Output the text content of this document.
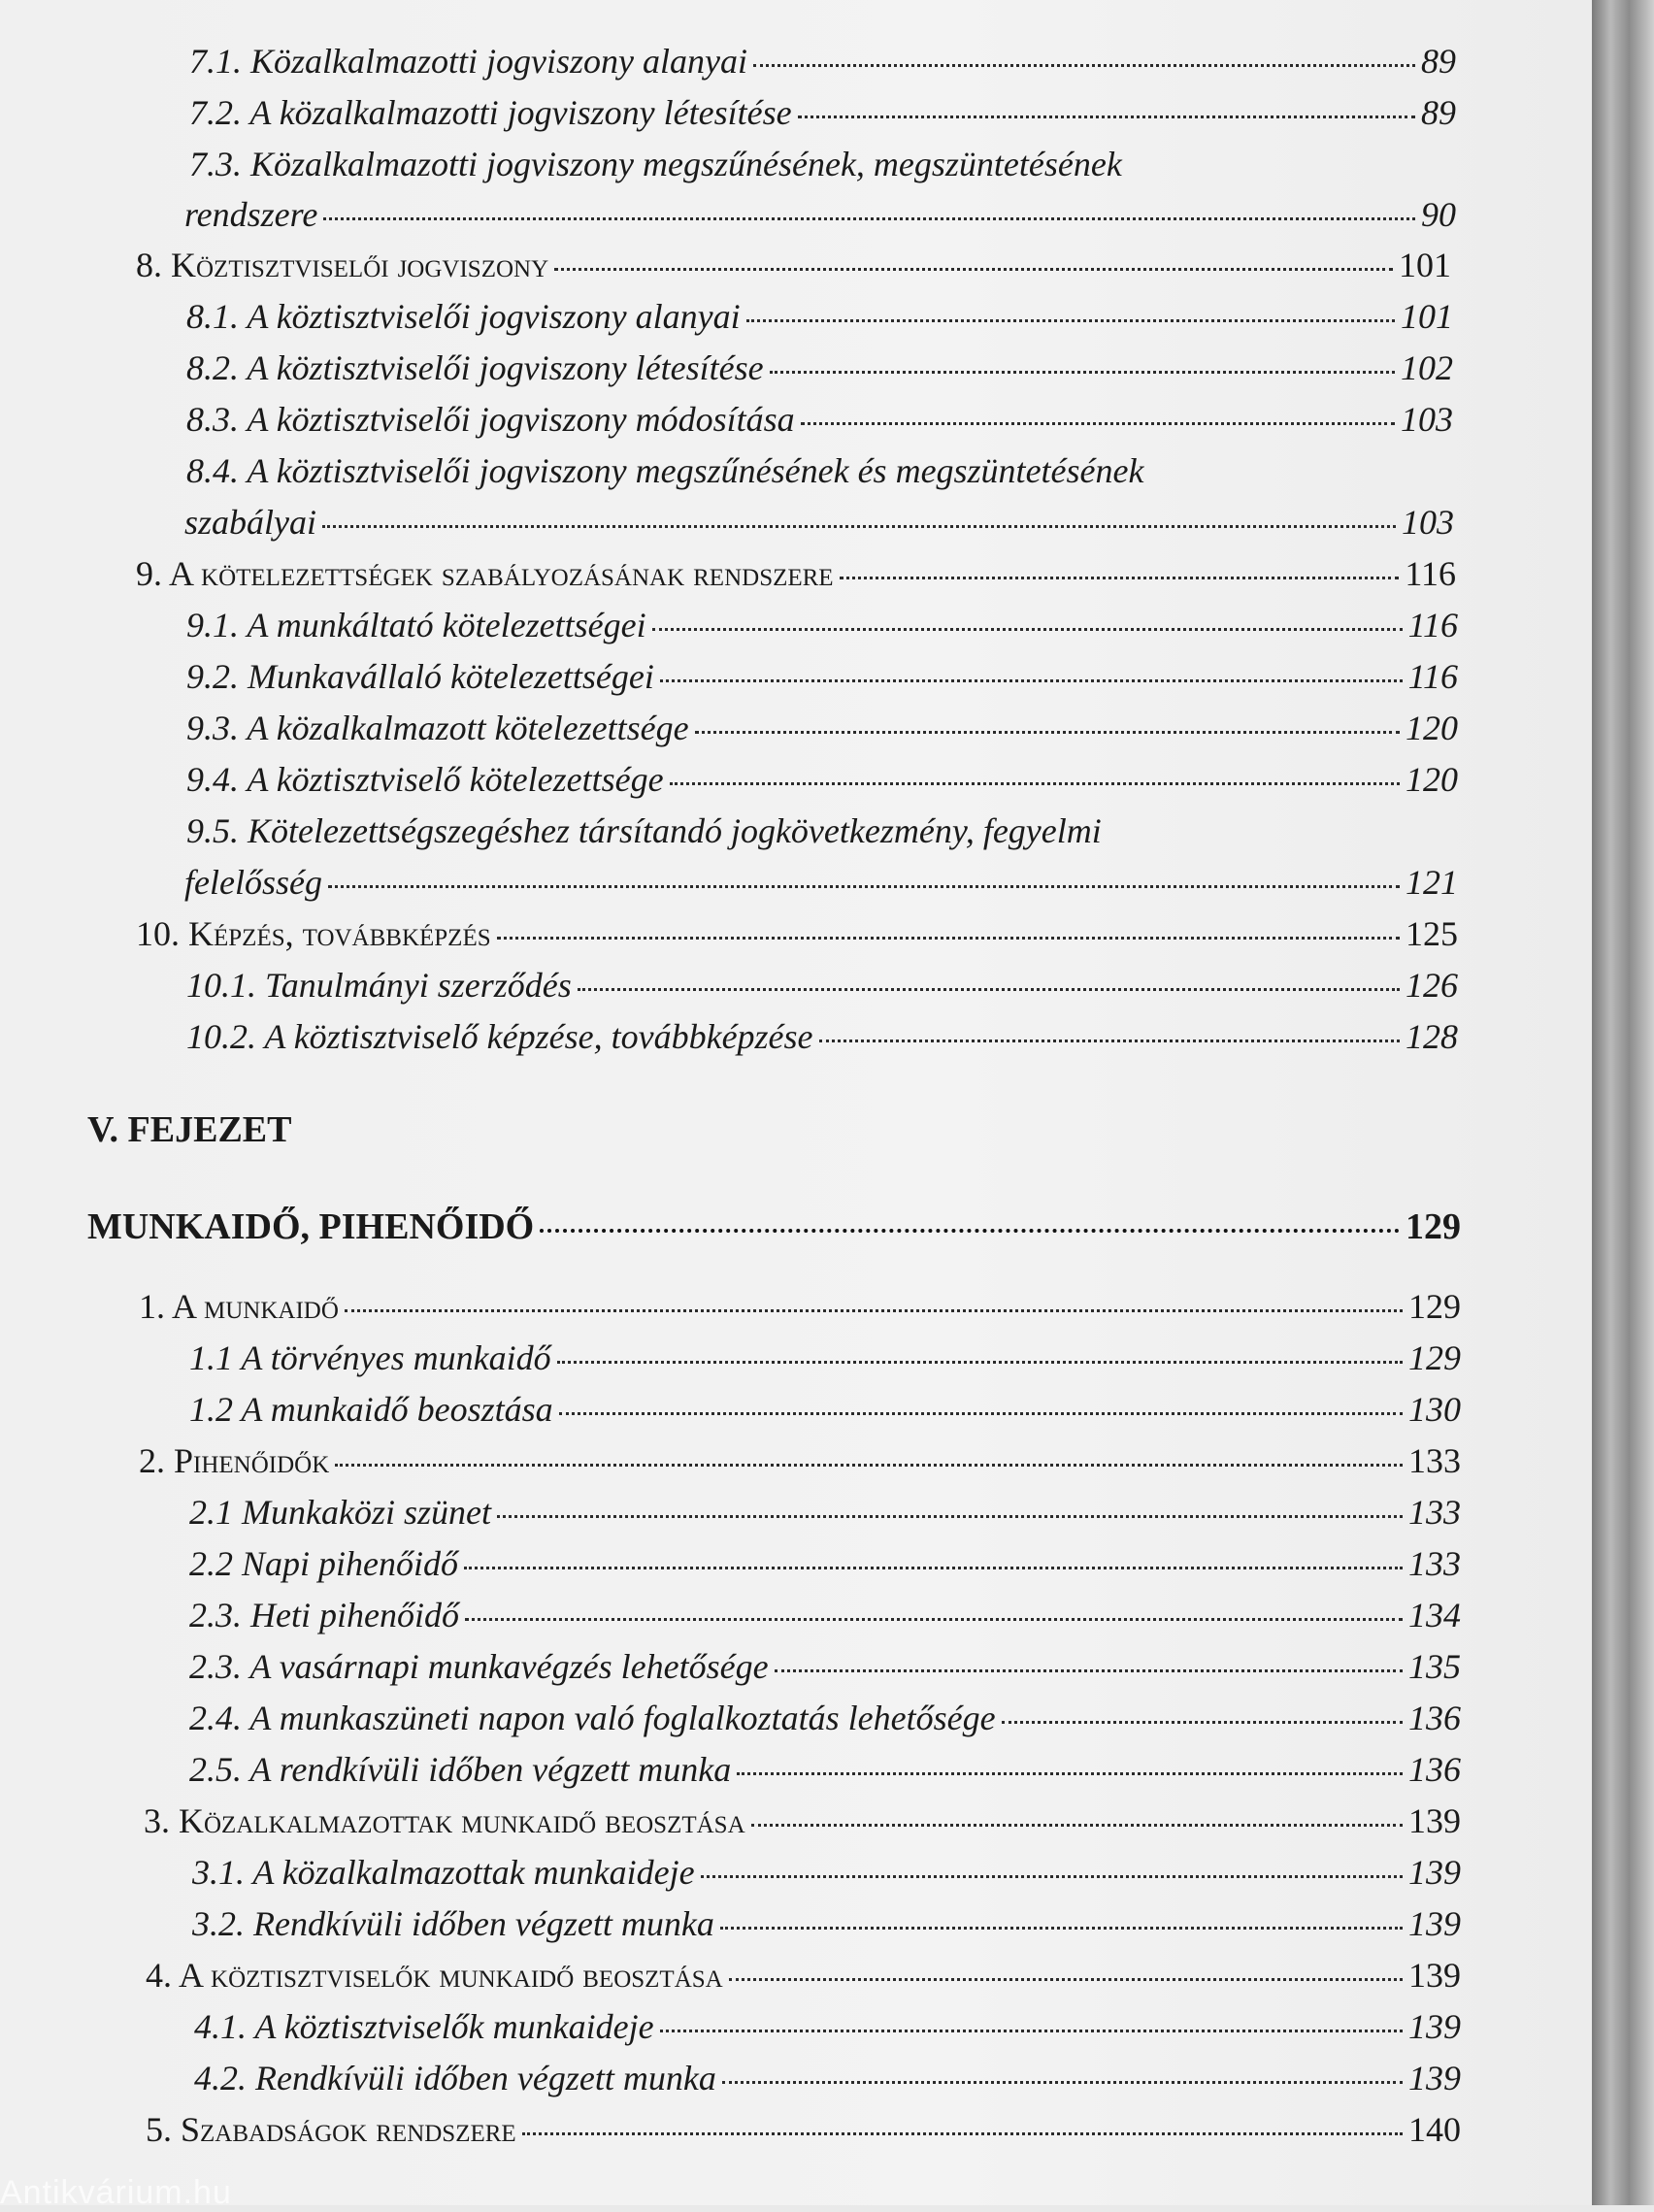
7.1. Közalkalmazotti jogviszony alanyai	89
7.2. A közalkalmazotti jogviszony létesítése	89
7.3. Közalkalmazotti jogviszony megszűnésének, megszüntetésének
rendszere	90
8. Köztisztviselői jogviszony	101
8.1. A köztisztviselői jogviszony alanyai	101
8.2. A köztisztviselői jogviszony létesítése	102
8.3. A köztisztviselői jogviszony módosítása	103
8.4. A köztisztviselői jogviszony megszűnésének és megszüntetésének
szabályai	103
9. A kötelezettségek szabályozásának rendszere	116
9.1. A munkáltató kötelezettségei	116
9.2. Munkavállaló kötelezettségei	116
9.3. A közalkalmazott kötelezettsége	120
9.4. A köztisztviselő kötelezettsége	120
9.5. Kötelezettségszegéshez társítandó jogkövetkezmény, fegyelmi
felelősség	121
10. Képzés, továbbképzés	125
10.1. Tanulmányi szerződés	126
10.2. A köztisztviselő képzése, továbbképzése	128
V. FEJEZET
MUNKAIDŐ, PIHENŐIDŐ	129
1. A munkaidő	129
1.1 A törvényes munkaidő	129
1.2 A munkaidő beosztása	130
2. Pihenőidők	133
2.1 Munkaközi szünet	133
2.2 Napi pihenőidő	133
2.3. Heti pihenőidő	134
2.3. A vasárnapi munkavégzés lehetősége	135
2.4. A munkaszüneti napon való foglalkoztatás lehetősége	136
2.5. A rendkívüli időben végzett munka	136
3. Közalkalmazottak munkaidő beosztása	139
3.1. A közalkalmazottak munkaideje	139
3.2. Rendkívüli időben végzett munka	139
4. A köztisztviselők munkaidő beosztása	139
4.1. A köztisztviselők munkaideje	139
4.2. Rendkívüli időben végzett munka	139
5. Szabadságok rendszere	140
Antikvárium.hu
